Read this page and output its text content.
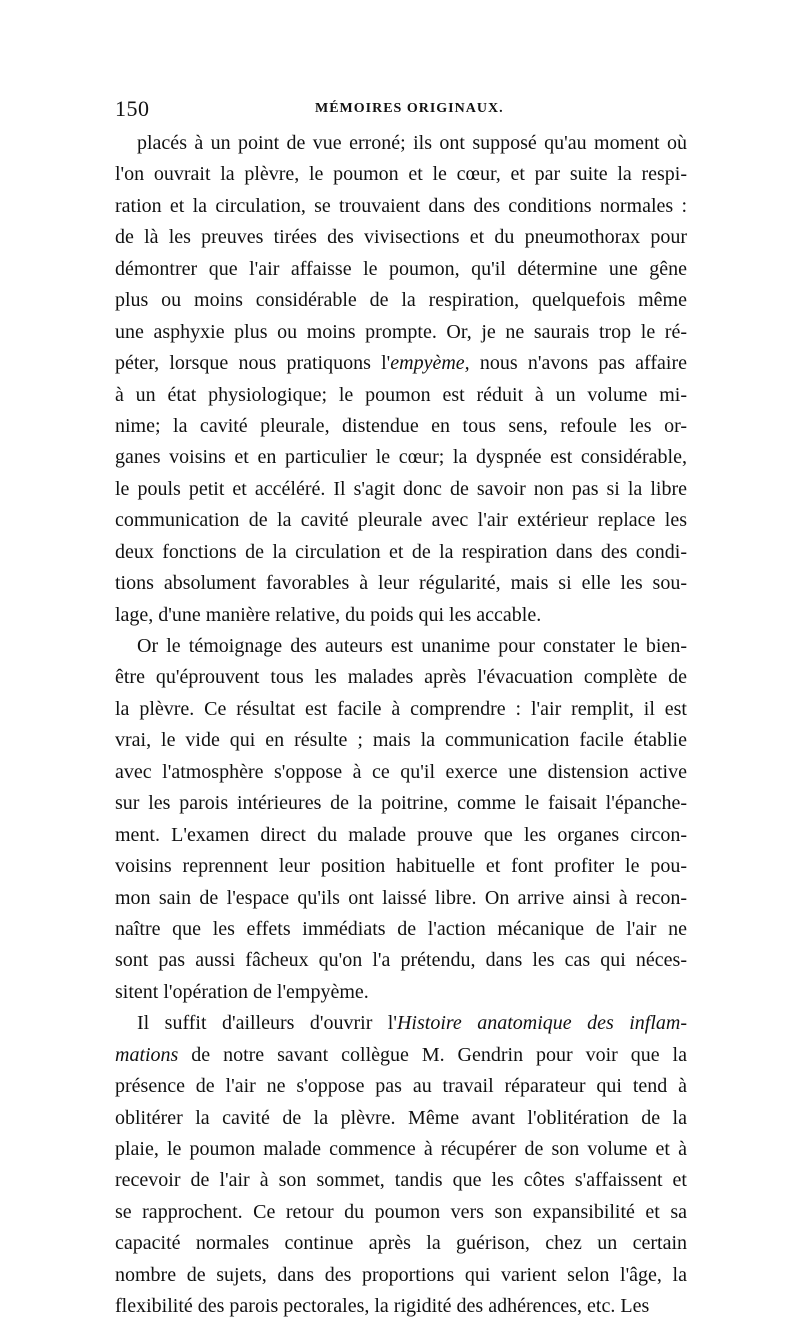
150	MÉMOIRES ORIGINAUX.
placés à un point de vue erroné; ils ont supposé qu'au moment où
l'on ouvrait la plèvre, le poumon et le cœur, et par suite la respi-
ration et la circulation, se trouvaient dans des conditions normales :
de là les preuves tirées des vivisections et du pneumothorax pour
démontrer que l'air affaisse le poumon, qu'il détermine une gêne
plus ou moins considérable de la respiration, quelquefois même
une asphyxie plus ou moins prompte. Or, je ne saurais trop le ré-
péter, lorsque nous pratiquons l'empyème, nous n'avons pas affaire
à un état physiologique; le poumon est réduit à un volume mi-
nime; la cavité pleurale, distendue en tous sens, refoule les or-
ganes voisins et en particulier le cœur; la dyspnée est considérable,
le pouls petit et accéléré. Il s'agit donc de savoir non pas si la libre
communication de la cavité pleurale avec l'air extérieur replace les
deux fonctions de la circulation et de la respiration dans des condi-
tions absolument favorables à leur régularité, mais si elle les sou-
lage, d'une manière relative, du poids qui les accable.
Or le témoignage des auteurs est unanime pour constater le bien-
être qu'éprouvent tous les malades après l'évacuation complète de
la plèvre. Ce résultat est facile à comprendre : l'air remplit, il est
vrai, le vide qui en résulte ; mais la communication facile établie
avec l'atmosphère s'oppose à ce qu'il exerce une distension active
sur les parois intérieures de la poitrine, comme le faisait l'épanche-
ment. L'examen direct du malade prouve que les organes circon-
voisins reprennent leur position habituelle et font profiter le pou-
mon sain de l'espace qu'ils ont laissé libre. On arrive ainsi à recon-
naître que les effets immédiats de l'action mécanique de l'air ne
sont pas aussi fâcheux qu'on l'a prétendu, dans les cas qui néces-
sitent l'opération de l'empyème.
Il suffit d'ailleurs d'ouvrir l'Histoire anatomique des inflam-
mations de notre savant collègue M. Gendrin pour voir que la
présence de l'air ne s'oppose pas au travail réparateur qui tend à
oblitérer la cavité de la plèvre. Même avant l'oblitération de la
plaie, le poumon malade commence à récupérer de son volume et à
recevoir de l'air à son sommet, tandis que les côtes s'affaissent et
se rapprochent. Ce retour du poumon vers son expansibilité et sa
capacité normales continue après la guérison, chez un certain
nombre de sujets, dans des proportions qui varient selon l'âge, la
flexibilité des parois pectorales, la rigidité des adhérences, etc. Les
